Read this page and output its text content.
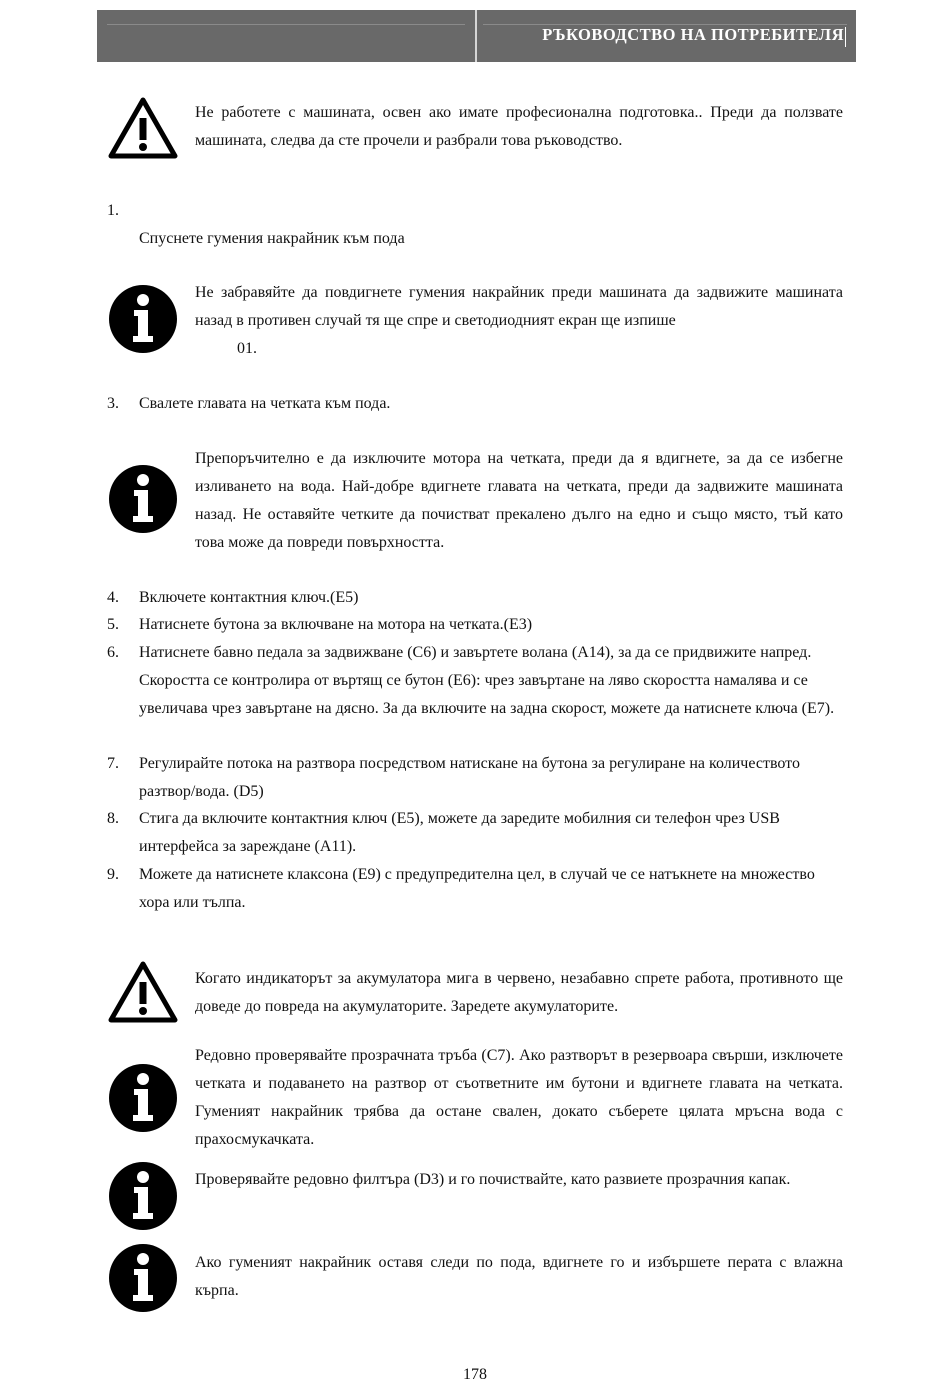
РЪКОВОДСТВО НА ПОТРЕБИТЕЛЯ
Не работете с машината, освен ако имате професионална подготовка.. Преди да ползвате машината, следва да сте прочели и разбрали това ръководство.
1.
Спуснете гумения накрайник към пода
Не забравяйте да повдигнете гумения накрайник преди машината да задвижите машината назад в противен случай тя ще спре и светодиодният екран ще изпише
01.
3. Свалете главата на четката към пода.
Препоръчително е да изключите мотора на четката, преди да я вдигнете, за да се избегне изливането на вода. Най-добре вдигнете главата на четката, преди да задвижите машината назад. Не оставяйте четките да почистват прекалено дълго на едно и също място, тъй като това може да повреди повърхността.
4. Включете контактния ключ.(E5)
5. Натиснете бутона за включване на мотора на четката.(E3)
6. Натиснете бавно педала за задвижване (C6) и завъртете волана (A14), за да се придвижите напред. Скоростта се контролира от въртящ се бутон (E6): чрез завъртане на ляво скоростта намалява и се увеличава чрез завъртане на дясно. За да включите на задна скорост, можете да натиснете ключа (E7).
7. Регулирайте потока на разтвора посредством натискане на бутона за регулиране на количеството разтвор/вода. (D5)
8. Стига да включите контактния ключ (E5), можете да заредите мобилния си телефон чрез USB интерфейса за зареждане (A11).
9. Можете да натиснете клаксона (E9) с предупредителна цел, в случай че се натъкнете на множество хора или тълпа.
Когато индикаторът за акумулатора мига в червено, незабавно спрете работа, противното ще доведе до повреда на акумулаторите. Заредете акумулаторите.
Редовно проверявайте прозрачната тръба (C7). Ако разтворът в резервоара свърши, изключете четката и подаването на разтвор от съответните им бутони и вдигнете главата на четката. Гуменият накрайник трябва да остане свален, докато съберете цялата мръсна вода с прахосмукачката.
Проверявайте редовно филтъра (D3) и го почиствайте, като развиете прозрачния капак.
Ако гуменият накрайник оставя следи по пода, вдигнете го и избършете перата с влажна кърпа.
178
